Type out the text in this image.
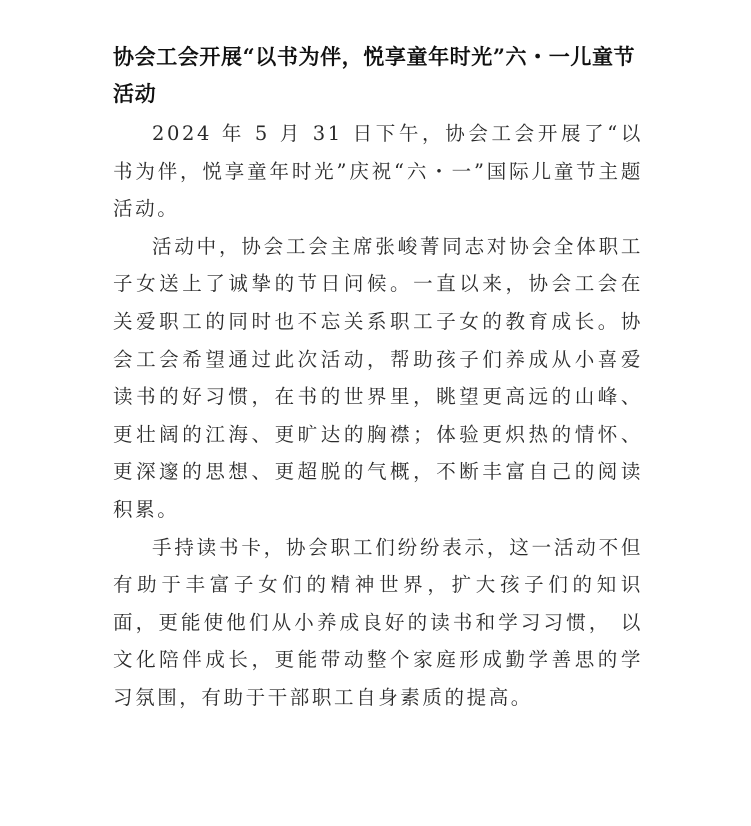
协会工会开展“以书为伴，悦享童年时光”六・一儿童节活动

2024 年 5 月 31 日下午，协会工会开展了“以书为伴，悦享童年时光”庆祝“六・一”国际儿童节主题活动。

活动中，协会工会主席张峻菁同志对协会全体职工子女送上了诚挚的节日问候。一直以来，协会工会在关爱职工的同时也不忘关系职工子女的教育成长。协会工会希望通过此次活动，帮助孩子们养成从小喜爱读书的好习惯，在书的世界里，眺望更高远的山峰、更壮阔的江海、更旷达的胸襟；体验更炽热的情怀、更深邃的思想、更超脱的气概，不断丰富自己的阅读积累。

手持读书卡，协会职工们纷纷表示，这一活动不但有助于丰富子女们的精神世界，扩大孩子们的知识面，更能使他们从小养成良好的读书和学习习惯， 以文化陪伴成长，更能带动整个家庭形成勤学善思的学习氛围，有助于干部职工自身素质的提高。
